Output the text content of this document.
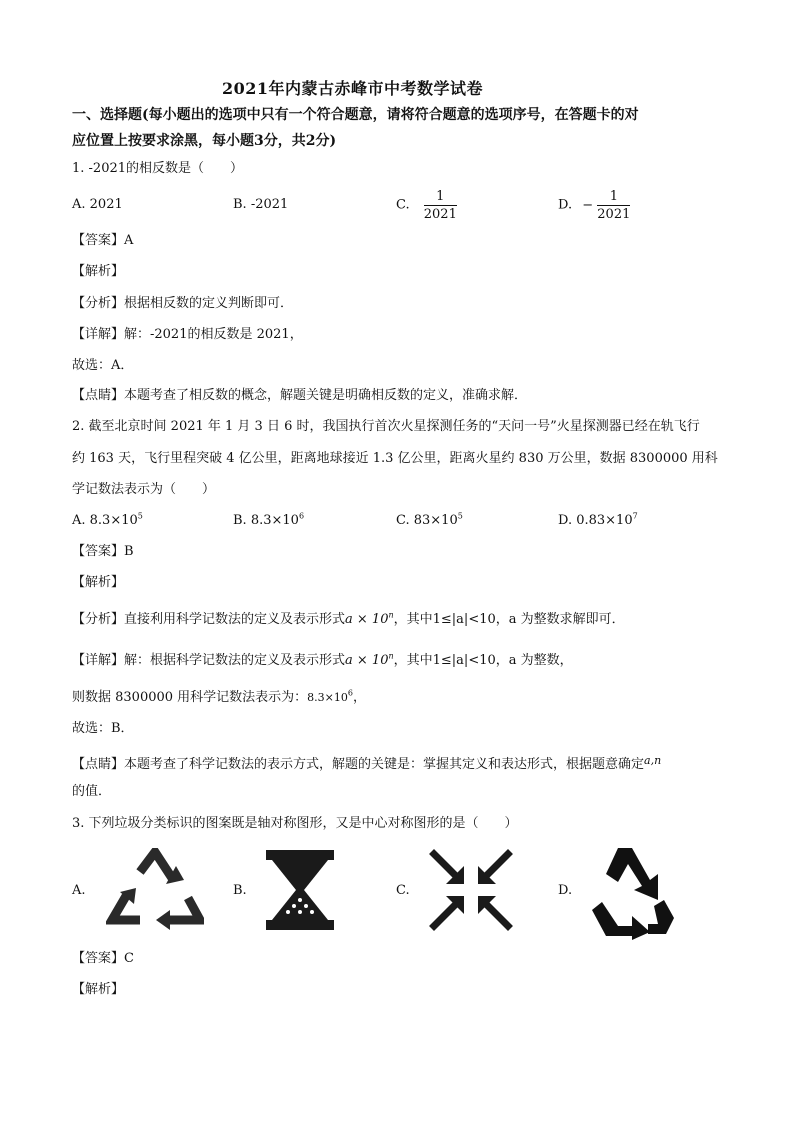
2021年内蒙古赤峰市中考数学试卷
一、选择题(每小题出的选项中只有一个符合题意，请将符合题意的选项序号，在答题卡的对
应位置上按要求涂黑，每小题3分，共2分)
1. -2021的相反数是（　　）
A. 2021	B. -2021	C. $\frac{1}{2021}$	D. − $\frac{1}{2021}$
【答案】A
【解析】
【分析】根据相反数的定义判断即可．
【详解】解：-2021的相反数是 2021，
故选：A．
【点睛】本题考查了相反数的概念，解题关键是明确相反数的定义，准确求解．
2. 截至北京时间 2021 年 1 月 3 日 6 时，我国执行首次火星探测任务的“天问一号”火星探测器已经在轨飞行
约 163 天，飞行里程突破 4 亿公里，距离地球接近 1.3 亿公里，距离火星约 830 万公里，数据 8300000 用科
学记数法表示为（　　）
A. $8.3\times 10^5$	B. $8.3\times 10^6$	C. $83\times 10^5$	D. $0.83\times 10^7$
【答案】B
【解析】
【分析】直接利用科学记数法的定义及表示形式$a \times 10^n$，其中1≤|a|<10，a 为整数求解即可．
【详解】解：根据科学记数法的定义及表示形式$a \times 10^n$，其中1≤|a|<10，a 为整数，
则数据 8300000 用科学记数法表示为：$8.3\times 10^6$，
故选：B．
【点睛】本题考查了科学记数法的表示方式，解题的关键是：掌握其定义和表达形式，根据题意确定$^{a,n}$
的值．
3. 下列垃圾分类标识的图案既是轴对称图形，又是中心对称图形的是（　　）
A.	B.	C.	D.
【答案】C
【解析】
